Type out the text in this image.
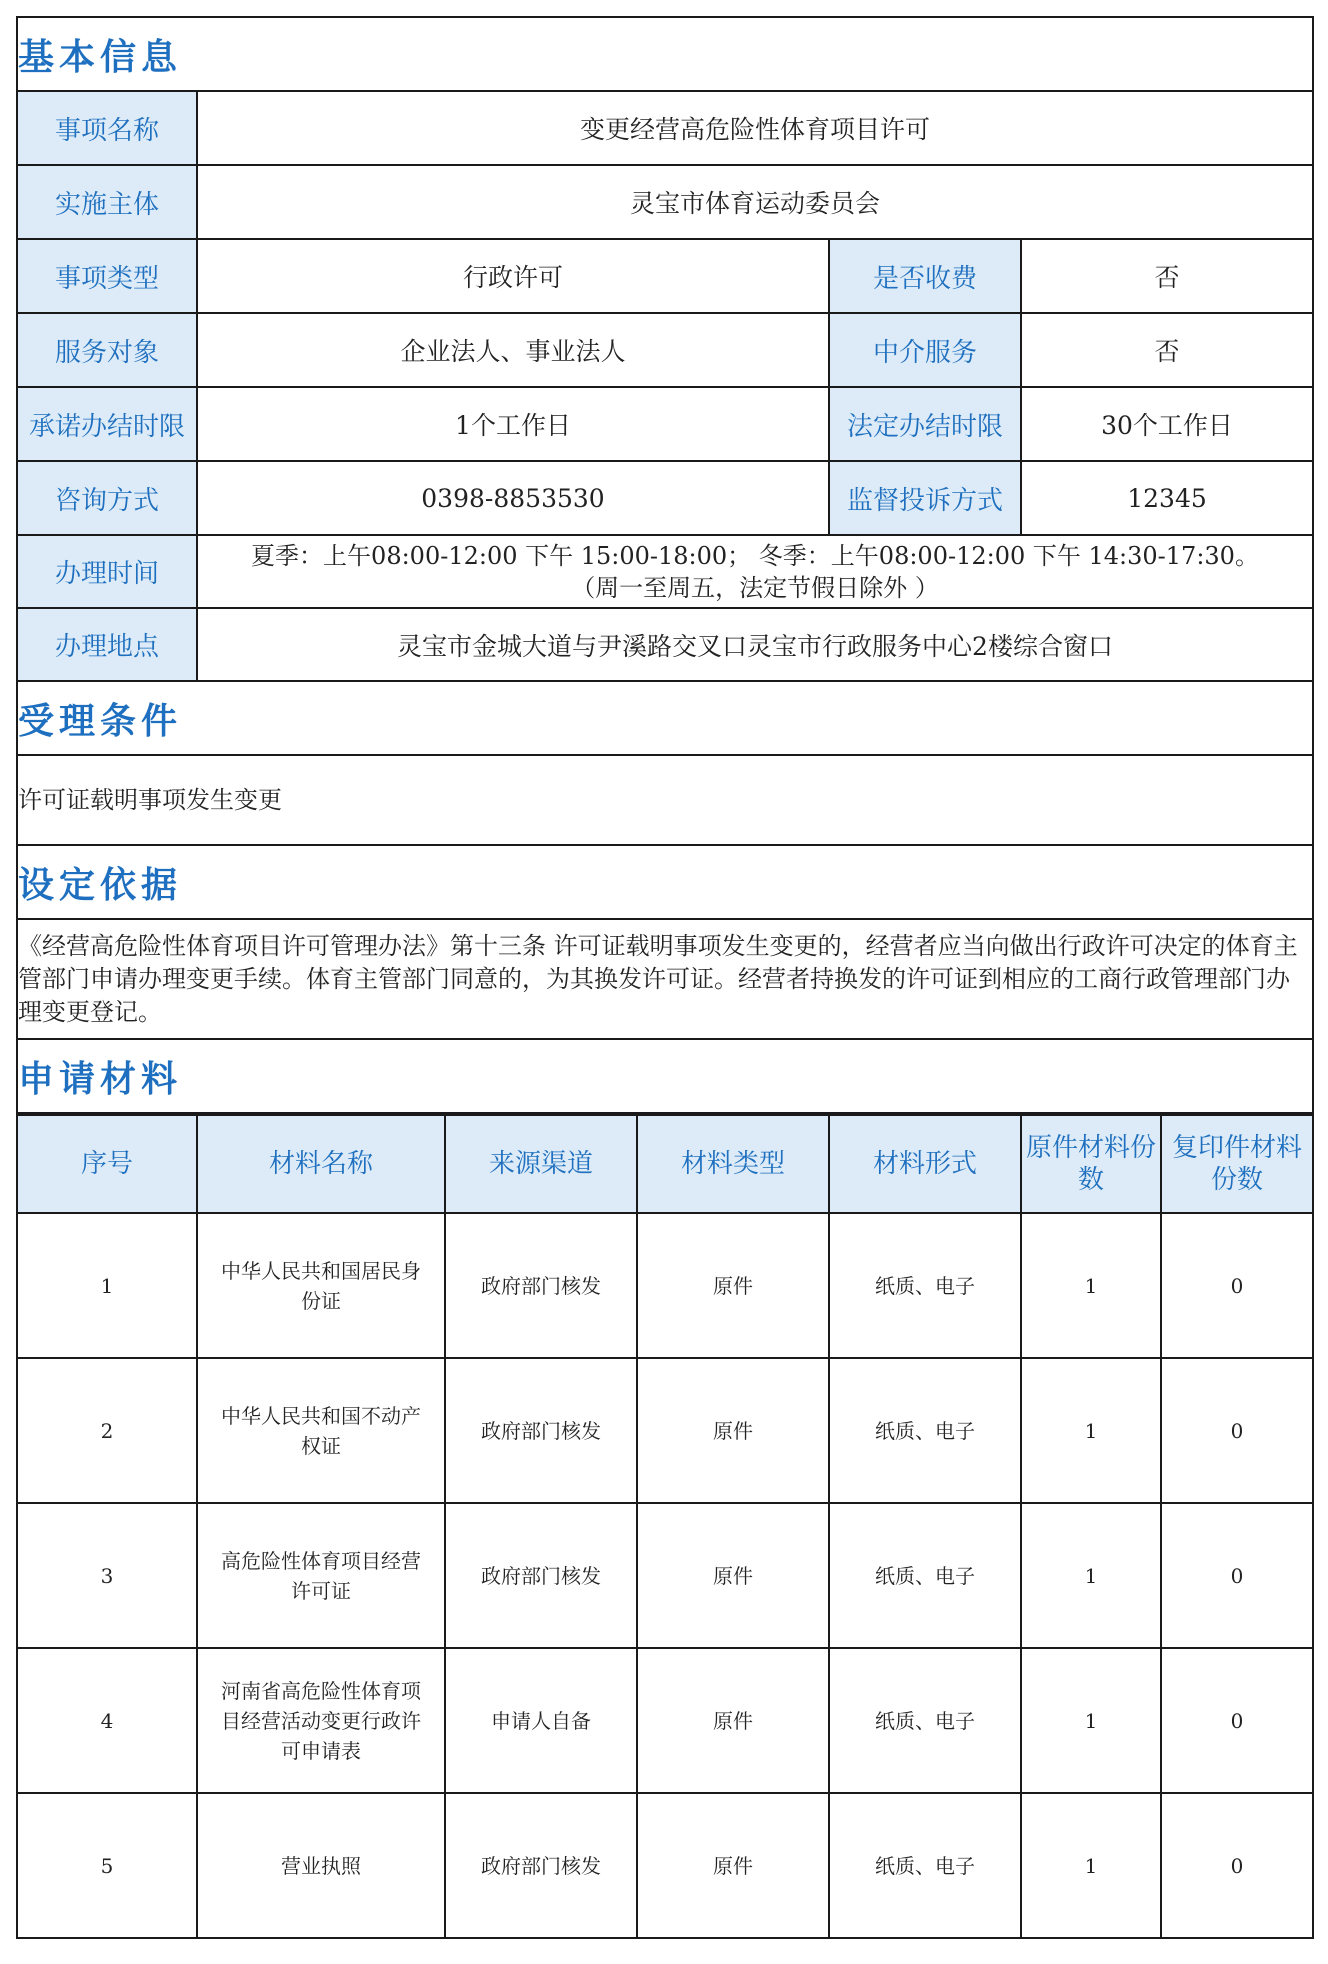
基本信息			
事项名称	变更经营高危险性体育项目许可		
实施主体	灵宝市体育运动委员会		
事项类型	行政许可	是否收费	否
服务对象	企业法人、事业法人	中介服务	否
承诺办结时限	1个工作日	法定办结时限	30个工作日
咨询方式	0398-8853530	监督投诉方式	12345
办理时间	夏季：上午08:00-12:00 下午 15:00-18:00； 冬季：上午08:00-12:00 下午 14:30-17:30。
（周一至周五，法定节假日除外 ）		

办理地点	灵宝市金城大道与尹溪路交叉口灵宝市行政服务中心2楼综合窗口		
受理条件			
许可证载明事项发生变更			
设定依据			
《经营高危险性体育项目许可管理办法》第十三条 许可证载明事项发生变更的，经营者应当向做出行政许可决定的体育主管部门申请办理变更手续。体育主管部门同意的，为其换发许可证。经营者持换发的许可证到相应的工商行政管理部门办理变更登记。			
申请材料			
序号	材料名称	来源渠道	材料类型	材料形式	原件材料份数	复印件材料份数
1	中华人民共和国居民身份证	政府部门核发	原件	纸质、电子	1	0
2	中华人民共和国不动产权证	政府部门核发	原件	纸质、电子	1	0
3	高危险性体育项目经营许可证	政府部门核发	原件	纸质、电子	1	0
4	河南省高危险性体育项目经营活动变更行政许可申请表	申请人自备	原件	纸质、电子	1	0
5	营业执照	政府部门核发	原件	纸质、电子	1	0
